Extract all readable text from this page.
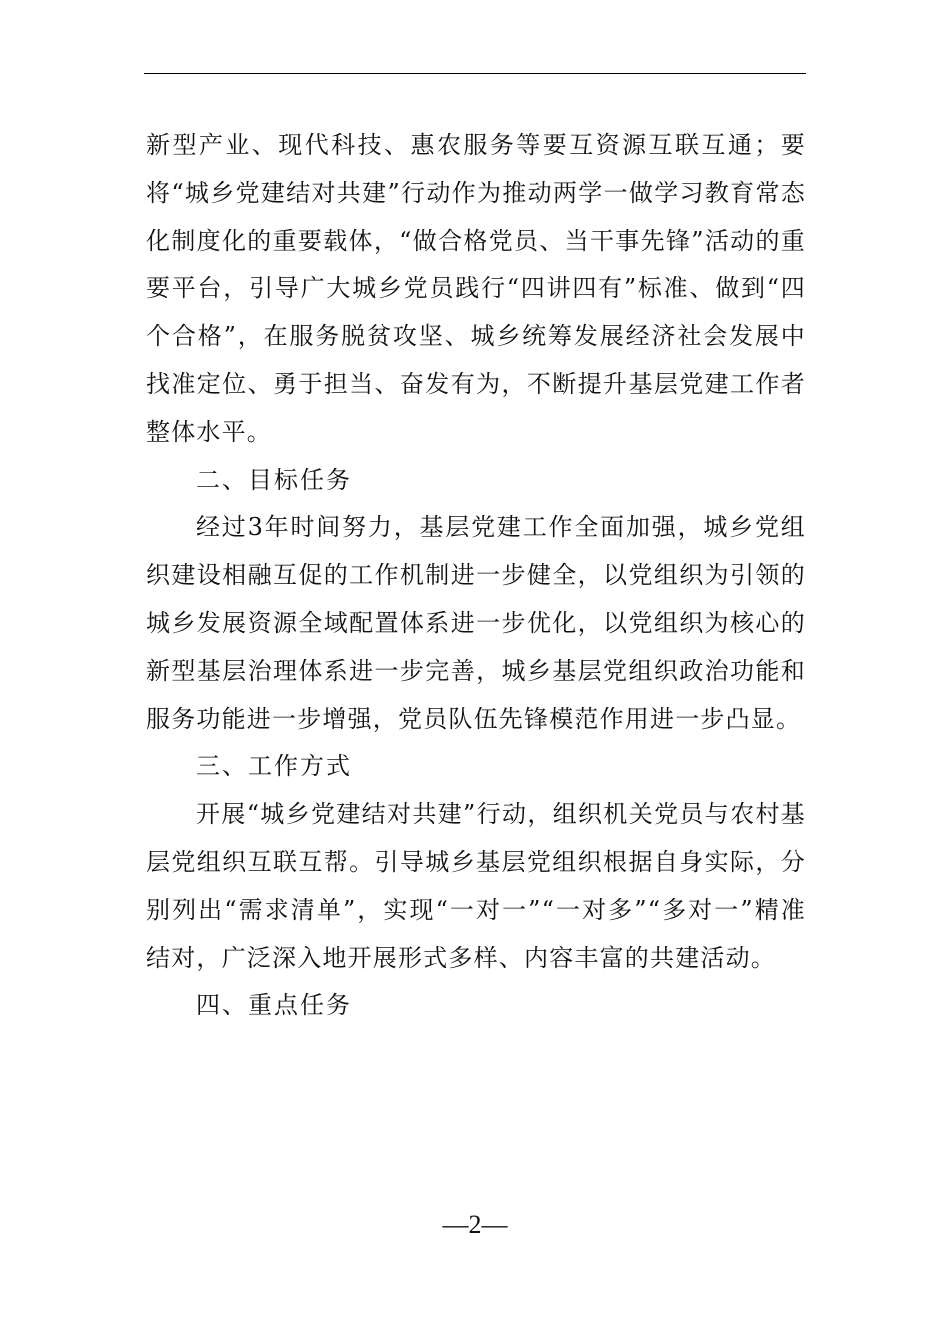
新型产业、现代科技、惠农服务等要互资源互联互通；要将“城乡党建结对共建”行动作为推动两学一做学习教育常态化制度化的重要载体，“做合格党员、当干事先锋”活动的重要平台，引导广大城乡党员践行“四讲四有”标准、做到“四个合格”，在服务脱贫攻坚、城乡统筹发展经济社会发展中找准定位、勇于担当、奋发有为，不断提升基层党建工作者整体水平。

二、目标任务

经过3年时间努力，基层党建工作全面加强，城乡党组织建设相融互促的工作机制进一步健全，以党组织为引领的城乡发展资源全域配置体系进一步优化，以党组织为核心的新型基层治理体系进一步完善，城乡基层党组织政治功能和服务功能进一步增强，党员队伍先锋模范作用进一步凸显。

三、工作方式

开展“城乡党建结对共建”行动，组织机关党员与农村基层党组织互联互帮。引导城乡基层党组织根据自身实际，分别列出“需求清单”，实现“一对一”“一对多”“多对一”精准结对，广泛深入地开展形式多样、内容丰富的共建活动。

四、重点任务

—2—
